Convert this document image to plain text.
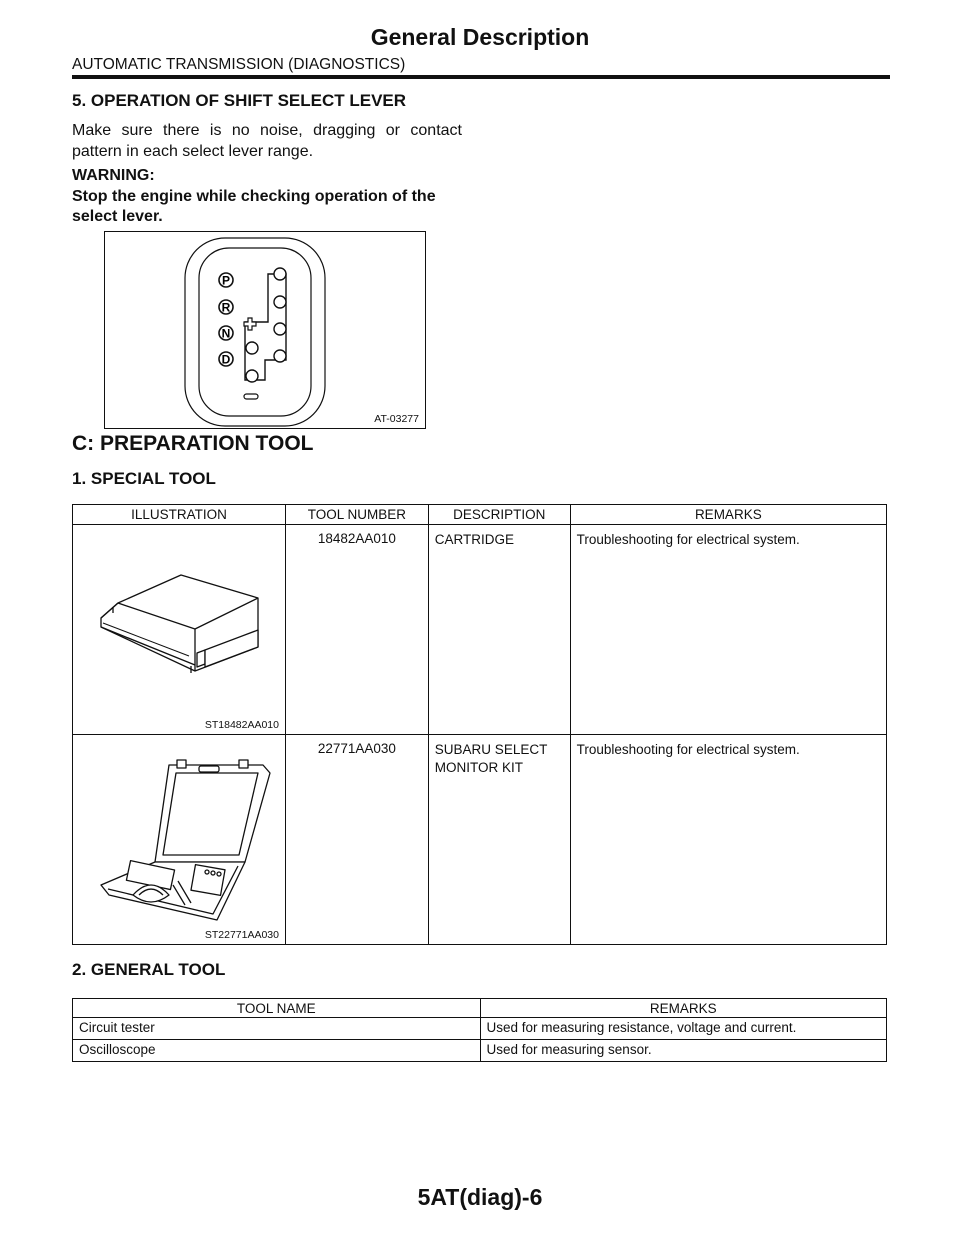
General Description
AUTOMATIC TRANSMISSION (DIAGNOSTICS)
5. OPERATION OF SHIFT SELECT LEVER
Make sure there is no noise, dragging or contact pattern in each select lever range.
WARNING:
Stop the engine while checking operation of the select lever.
P
R
N
D
AT-03277
C: PREPARATION TOOL
1. SPECIAL TOOL
ILLUSTRATION	TOOL NUMBER	DESCRIPTION	REMARKS

ST18482AA010	18482AA010	CARTRIDGE	Troubleshooting for electrical system.

ST22771AA030	22771AA030	SUBARU SELECT MONITOR KIT	Troubleshooting for electrical system.
2. GENERAL TOOL
TOOL NAME	REMARKS
Circuit tester	Used for measuring resistance, voltage and current.
Oscilloscope	Used for measuring sensor.
5AT(diag)-6
